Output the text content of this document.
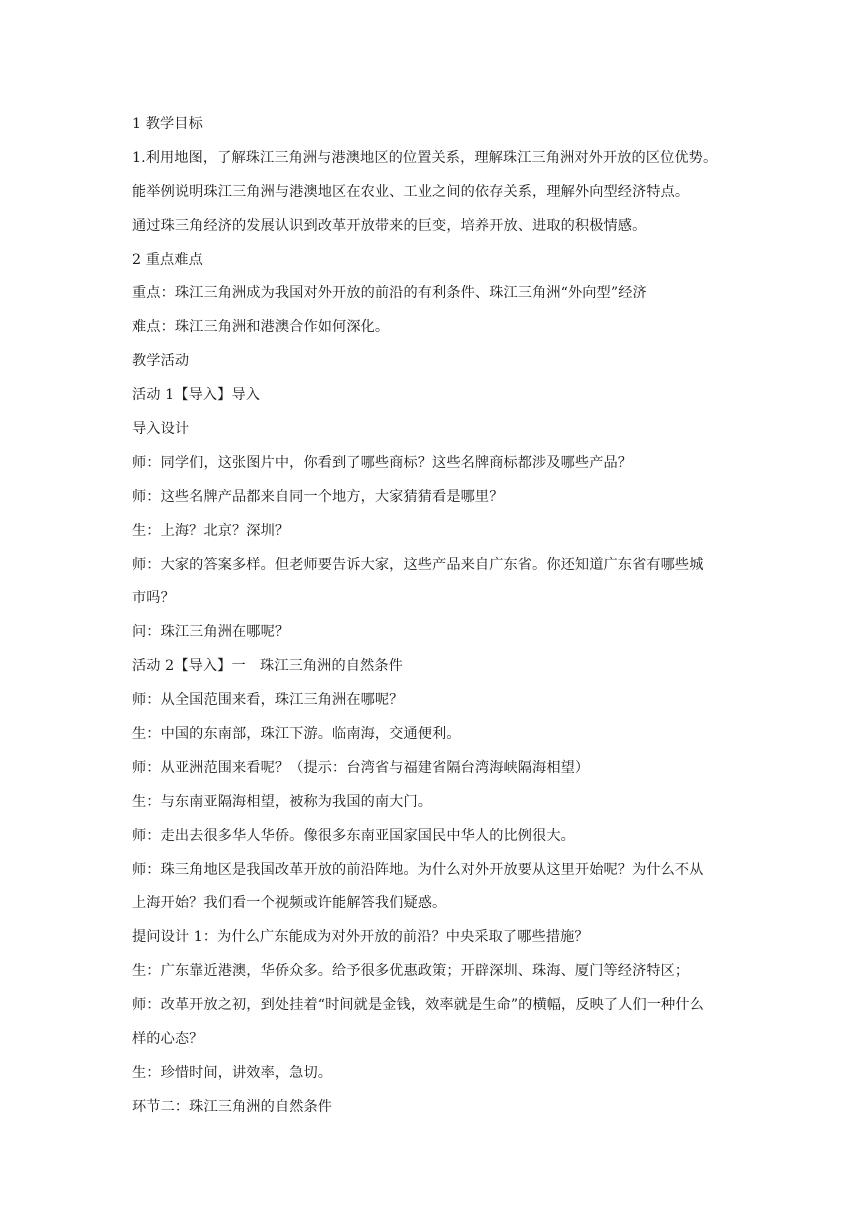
1 教学目标
1.利用地图，了解珠江三角洲与港澳地区的位置关系，理解珠江三角洲对外开放的区位优势。
能举例说明珠江三角洲与港澳地区在农业、工业之间的依存关系，理解外向型经济特点。
通过珠三角经济的发展认识到改革开放带来的巨变，培养开放、进取的积极情感。
2 重点难点
重点：珠江三角洲成为我国对外开放的前沿的有利条件、珠江三角洲“外向型”经济
难点：珠江三角洲和港澳合作如何深化。
教学活动
活动 1【导入】导入
导入设计
师：同学们，这张图片中，你看到了哪些商标？这些名牌商标都涉及哪些产品？
师：这些名牌产品都来自同一个地方，大家猜猜看是哪里？
生：上海？北京？深圳？
师：大家的答案多样。但老师要告诉大家，这些产品来自广东省。你还知道广东省有哪些城
市吗？
问：珠江三角洲在哪呢？
活动 2【导入】一　珠江三角洲的自然条件
师：从全国范围来看，珠江三角洲在哪呢？
生：中国的东南部，珠江下游。临南海，交通便利。
师：从亚洲范围来看呢？（提示：台湾省与福建省隔台湾海峡隔海相望）
生：与东南亚隔海相望，被称为我国的南大门。
师：走出去很多华人华侨。像很多东南亚国家国民中华人的比例很大。
师：珠三角地区是我国改革开放的前沿阵地。为什么对外开放要从这里开始呢？为什么不从
上海开始？我们看一个视频或许能解答我们疑惑。
提问设计 1：为什么广东能成为对外开放的前沿？中央采取了哪些措施？
生：广东靠近港澳，华侨众多。给予很多优惠政策；开辟深圳、珠海、厦门等经济特区；
师：改革开放之初，到处挂着“时间就是金钱，效率就是生命”的横幅，反映了人们一种什么
样的心态？
生：珍惜时间，讲效率，急切。
环节二：珠江三角洲的自然条件
